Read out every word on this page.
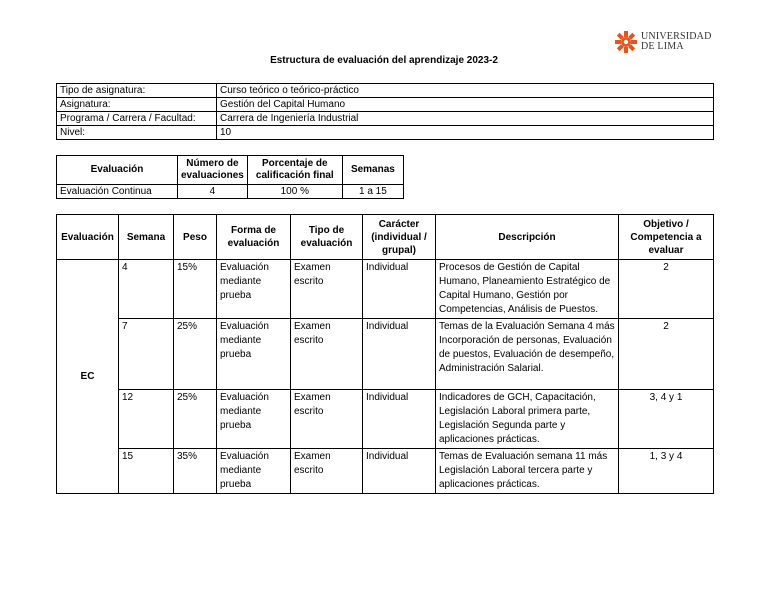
UNIVERSIDAD
DE LIMA
Estructura de evaluación del aprendizaje 2023-2
Tipo de asignatura:	Curso teórico o teórico-práctico
Asignatura:	Gestión del Capital Humano
Programa / Carrera / Facultad:	Carrera de Ingeniería Industrial
Nivel:	10
Evaluación	Número de evaluaciones	Porcentaje de calificación final	Semanas
Evaluación Continua	4	100 %	1 a 15
Evaluación	Semana	Peso	Forma de evaluación	Tipo de evaluación	Carácter (individual / grupal)	Descripción	Objetivo / Competencia a evaluar
EC	4	15%	Evaluación mediante prueba	Examen escrito	Individual	Procesos de Gestión de Capital Humano, Planeamiento Estratégico de Capital Humano, Gestión por Competencias, Análisis de Puestos.	2
	7	25%	Evaluación mediante prueba	Examen escrito	Individual	Temas de la Evaluación Semana 4 más Incorporación de personas, Evaluación de puestos, Evaluación de desempeño, Administración Salarial.	2
	12	25%	Evaluación mediante prueba	Examen escrito	Individual	Indicadores de GCH, Capacitación, Legislación Laboral primera parte, Legislación Segunda parte y aplicaciones prácticas.	3, 4 y 1
	15	35%	Evaluación mediante prueba	Examen escrito	Individual	Temas de Evaluación semana 11 más Legislación Laboral tercera parte y aplicaciones prácticas.	1, 3 y 4
